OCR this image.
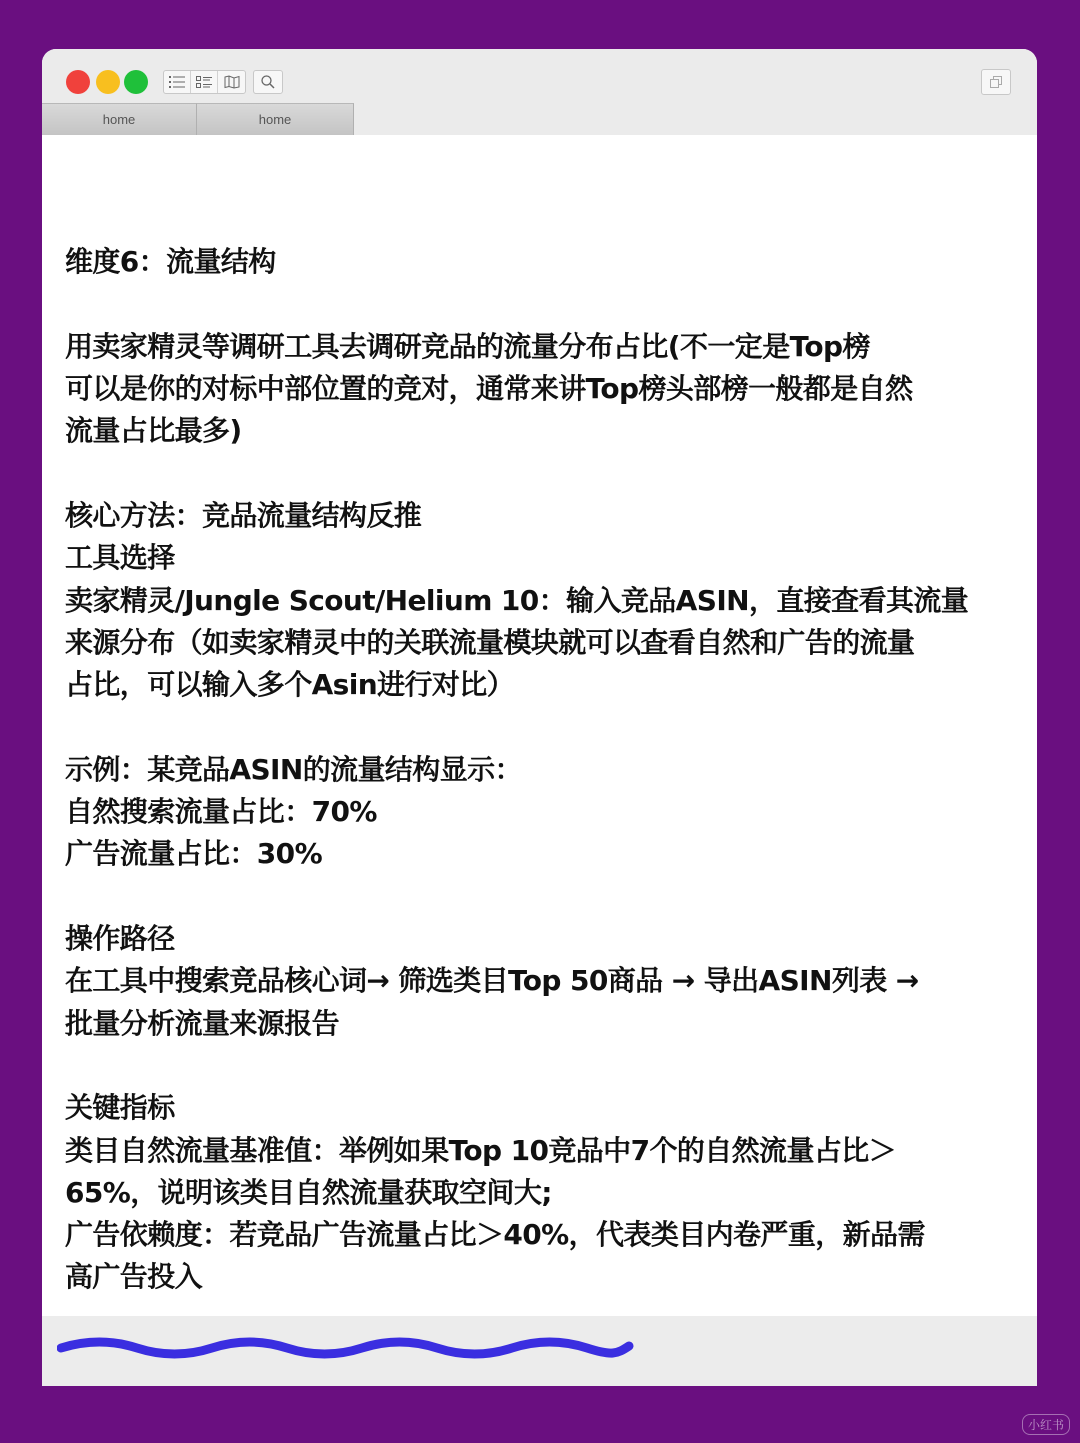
home	home
维度6：流量结构
用卖家精灵等调研工具去调研竞品的流量分布占比(不一定是Top榜
可以是你的对标中部位置的竞对，通常来讲Top榜头部榜一般都是自然
流量占比最多)
核心方法：竞品流量结构反推
工具选择
卖家精灵/Jungle Scout/Helium 10：输入竞品ASIN，直接查看其流量
来源分布（如卖家精灵中的关联流量模块就可以查看自然和广告的流量
占比，可以输入多个Asin进行对比）
示例：某竞品ASIN的流量结构显示：
自然搜索流量占比：70%
广告流量占比：30%
操作路径
在工具中搜索竞品核心词→ 筛选类目Top 50商品 → 导出ASIN列表 →
批量分析流量来源报告
关键指标
类目自然流量基准值：举例如果Top 10竞品中7个的自然流量占比＞
65%，说明该类目自然流量获取空间大;
广告依赖度：若竞品广告流量占比＞40%，代表类目内卷严重，新品需
高广告投入
小红书
